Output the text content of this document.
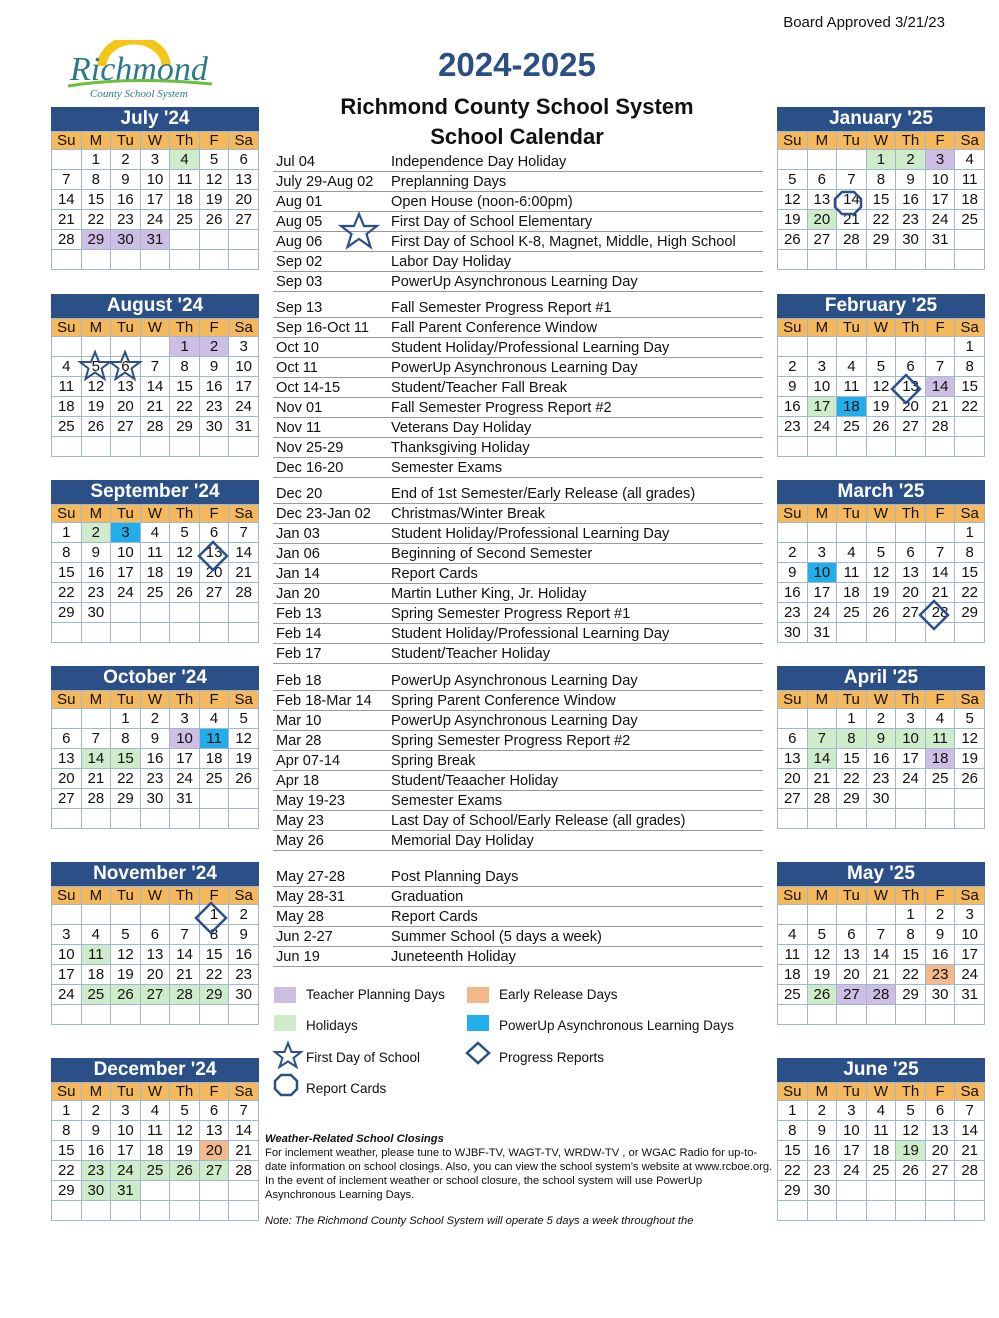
Board Approved 3/21/23
Richmond
County School System
2024-2025
Richmond County School System
School Calendar
July '24
Su	M	Tu	W	Th	F	Sa
	1	2	3	4	5	6
7	8	9	10	11	12	13
14	15	16	17	18	19	20
21	22	23	24	25	26	27
28	29	30	31			

August '24
Su	M	Tu	W	Th	F	Sa
				1	2	3
4	5	6	7	8	9	10
11	12	13	14	15	16	17
18	19	20	21	22	23	24
25	26	27	28	29	30	31

September '24
Su	M	Tu	W	Th	F	Sa
1	2	3	4	5	6	7
8	9	10	11	12	13	14
15	16	17	18	19	20	21
22	23	24	25	26	27	28
29	30					

October '24
Su	M	Tu	W	Th	F	Sa
		1	2	3	4	5
6	7	8	9	10	11	12
13	14	15	16	17	18	19
20	21	22	23	24	25	26
27	28	29	30	31		

November '24
Su	M	Tu	W	Th	F	Sa
					1	2
3	4	5	6	7	8	9
10	11	12	13	14	15	16
17	18	19	20	21	22	23
24	25	26	27	28	29	30

December '24
Su	M	Tu	W	Th	F	Sa
1	2	3	4	5	6	7
8	9	10	11	12	13	14
15	16	17	18	19	20	21
22	23	24	25	26	27	28
29	30	31				

January '25
Su	M	Tu	W	Th	F	Sa
			1	2	3	4
5	6	7	8	9	10	11
12	13	14	15	16	17	18
19	20	21	22	23	24	25
26	27	28	29	30	31	

February '25
Su	M	Tu	W	Th	F	Sa
						1
2	3	4	5	6	7	8
9	10	11	12	13	14	15
16	17	18	19	20	21	22
23	24	25	26	27	28	

March '25
Su	M	Tu	W	Th	F	Sa
						1
2	3	4	5	6	7	8
9	10	11	12	13	14	15
16	17	18	19	20	21	22
23	24	25	26	27	28	29
30	31					
April '25
Su	M	Tu	W	Th	F	Sa
		1	2	3	4	5
6	7	8	9	10	11	12
13	14	15	16	17	18	19
20	21	22	23	24	25	26
27	28	29	30			

May '25
Su	M	Tu	W	Th	F	Sa
				1	2	3
4	5	6	7	8	9	10
11	12	13	14	15	16	17
18	19	20	21	22	23	24
25	26	27	28	29	30	31

June '25
Su	M	Tu	W	Th	F	Sa
1	2	3	4	5	6	7
8	9	10	11	12	13	14
15	16	17	18	19	20	21
22	23	24	25	26	27	28
29	30					

Jul 04	Independence Day Holiday
July 29-Aug 02	Preplanning Days
Aug 01	Open House (noon-6:00pm)
Aug 05	First Day of School Elementary
Aug 06	First Day of School K-8, Magnet, Middle, High School
Sep 02	Labor Day Holiday
Sep 03	PowerUp Asynchronous Learning Day
Sep 13	Fall Semester Progress Report #1
Sep 16-Oct 11	Fall Parent Conference Window
Oct 10	Student Holiday/Professional Learning Day
Oct 11	PowerUp Asynchronous Learning Day
Oct 14-15	Student/Teacher Fall Break
Nov 01	Fall Semester Progress Report #2
Nov 11	Veterans Day Holiday
Nov 25-29	Thanksgiving Holiday
Dec 16-20	Semester Exams
Dec 20	End of 1st Semester/Early Release (all grades)
Dec 23-Jan 02	Christmas/Winter Break
Jan 03	Student Holiday/Professional Learning Day
Jan 06	Beginning of Second Semester
Jan 14	Report Cards
Jan 20	Martin Luther King, Jr. Holiday
Feb 13	Spring Semester Progress Report #1
Feb 14	Student Holiday/Professional Learning Day
Feb 17	Student/Teacher Holiday
Feb 18	PowerUp Asynchronous Learning Day
Feb 18-Mar 14	Spring Parent Conference Window
Mar 10	PowerUp Asynchronous Learning Day
Mar 28	Spring Semester Progress Report #2
Apr 07-14	Spring Break
Apr 18	Student/Teaacher Holiday
May 19-23	Semester Exams
May 23	Last Day of School/Early Release (all grades)
May 26	Memorial Day Holiday
May 27-28	Post Planning Days
May 28-31	Graduation
May 28	Report Cards
Jun 2-27	Summer School (5 days a week)
Jun 19	Juneteenth Holiday
Teacher Planning Days	Early Release Days
Holidays	PowerUp Asynchronous Learning Days
First Day of School	Progress Reports
Report Cards
Weather-Related School Closings
For inclement weather, please tune to WJBF-TV, WAGT-TV, WRDW-TV , or WGAC Radio for up-to-date information on school closings. Also, you can view the school system’s website at www.rcboe.org. In the event of inclement weather or school closure, the school system will use PowerUp Asynchronous Learning Days.
Note: The Richmond County School System will operate 5 days a week throughout the
